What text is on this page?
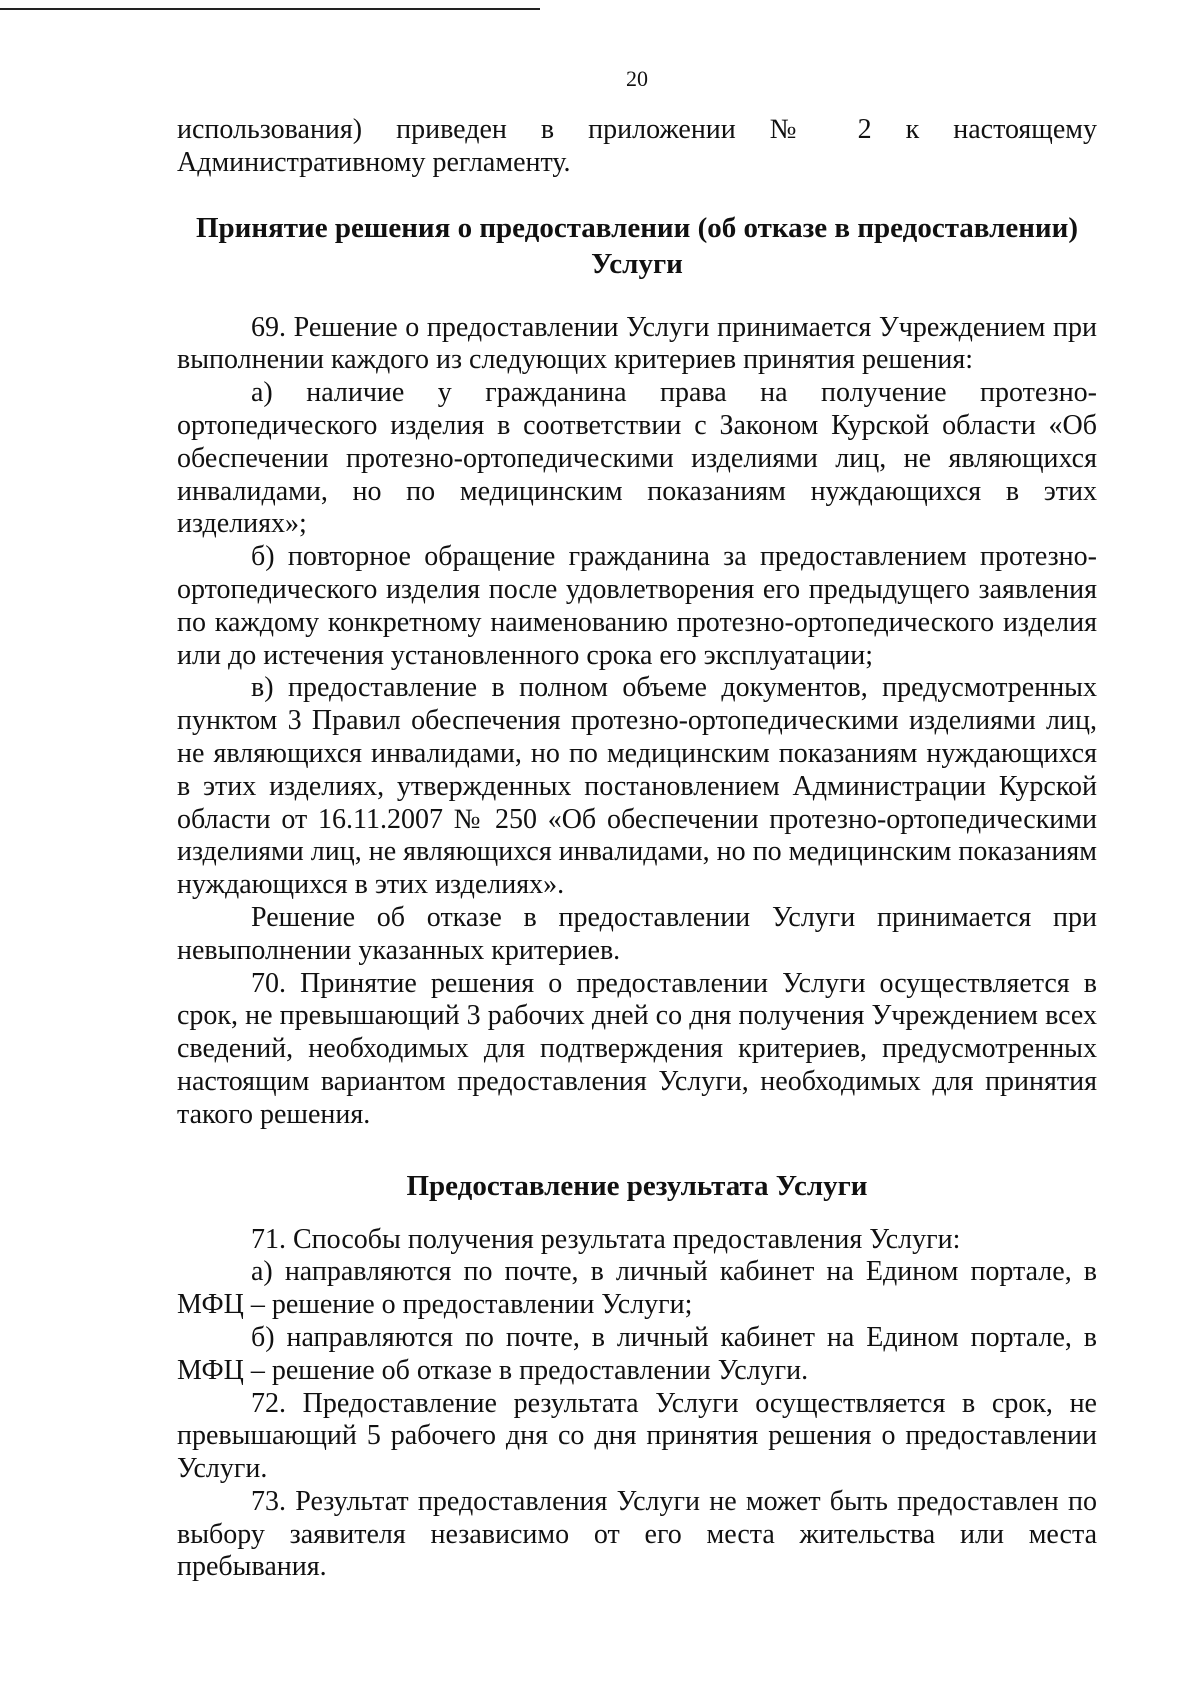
20

использования) приведен в приложении № 2 к настоящему Административному регламенту.

Принятие решения о предоставлении (об отказе в предоставлении) Услуги

69. Решение о предоставлении Услуги принимается Учреждением при выполнении каждого из следующих критериев принятия решения:

а) наличие у гражданина права на получение протезно-ортопедического изделия в соответствии с Законом Курской области «Об обеспечении протезно-ортопедическими изделиями лиц, не являющихся инвалидами, но по медицинским показаниям нуждающихся в этих изделиях»;

б) повторное обращение гражданина за предоставлением протезно-ортопедического изделия после удовлетворения его предыдущего заявления по каждому конкретному наименованию протезно-ортопедического изделия или до истечения установленного срока его эксплуатации;

в) предоставление в полном объеме документов, предусмотренных пунктом 3 Правил обеспечения протезно-ортопедическими изделиями лиц, не являющихся инвалидами, но по медицинским показаниям нуждающихся в этих изделиях, утвержденных постановлением Администрации Курской области от 16.11.2007 № 250 «Об обеспечении протезно-ортопедическими изделиями лиц, не являющихся инвалидами, но по медицинским показаниям нуждающихся в этих изделиях».

Решение об отказе в предоставлении Услуги принимается при невыполнении указанных критериев.

70. Принятие решения о предоставлении Услуги осуществляется в срок, не превышающий 3 рабочих дней со дня получения Учреждением всех сведений, необходимых для подтверждения критериев, предусмотренных настоящим вариантом предоставления Услуги, необходимых для принятия такого решения.

Предоставление результата Услуги

71. Способы получения результата предоставления Услуги:

а) направляются по почте, в личный кабинет на Едином портале, в МФЦ – решение о предоставлении Услуги;

б) направляются по почте, в личный кабинет на Едином портале, в МФЦ – решение об отказе в предоставлении Услуги.

72. Предоставление результата Услуги осуществляется в срок, не превышающий 5 рабочего дня со дня принятия решения о предоставлении Услуги.

73. Результат предоставления Услуги не может быть предоставлен по выбору заявителя независимо от его места жительства или места пребывания.
